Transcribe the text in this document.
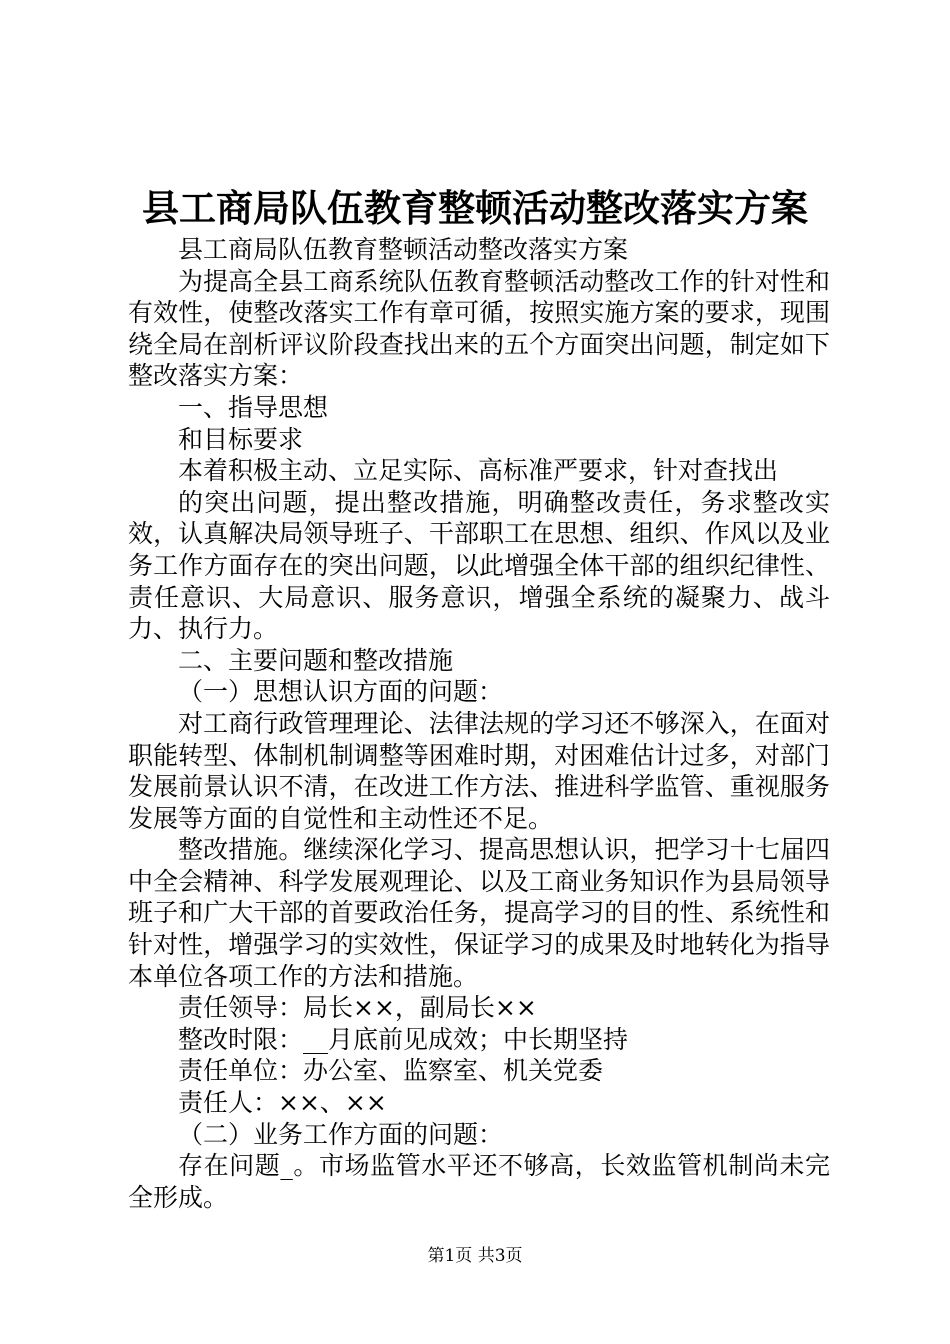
县工商局队伍教育整顿活动整改落实方案

县工商局队伍教育整顿活动整改落实方案

为提高全县工商系统队伍教育整顿活动整改工作的针对性和有效性，使整改落实工作有章可循，按照实施方案的要求，现围绕全局在剖析评议阶段查找出来的五个方面突出问题，制定如下整改落实方案：

一、指导思想

和目标要求

本着积极主动、立足实际、高标准严要求，针对查找出

的突出问题，提出整改措施，明确整改责任，务求整改实效，认真解决局领导班子、干部职工在思想、组织、作风以及业务工作方面存在的突出问题，以此增强全体干部的组织纪律性、责任意识、大局意识、服务意识，增强全系统的凝聚力、战斗力、执行力。

二、主要问题和整改措施

（一）思想认识方面的问题：

对工商行政管理理论、法律法规的学习还不够深入，在面对职能转型、体制机制调整等困难时期，对困难估计过多，对部门发展前景认识不清，在改进工作方法、推进科学监管、重视服务发展等方面的自觉性和主动性还不足。

整改措施。继续深化学习、提高思想认识，把学习十七届四中全会精神、科学发展观理论、以及工商业务知识作为县局领导班子和广大干部的首要政治任务，提高学习的目的性、系统性和针对性，增强学习的实效性，保证学习的成果及时地转化为指导本单位各项工作的方法和措施。

责任领导：局长××，副局长××

整改时限：__月底前见成效；中长期坚持

责任单位：办公室、监察室、机关党委

责任人：××、××

（二）业务工作方面的问题：

存在问题_。市场监管水平还不够高，长效监管机制尚未完全形成。

第1页 共3页
